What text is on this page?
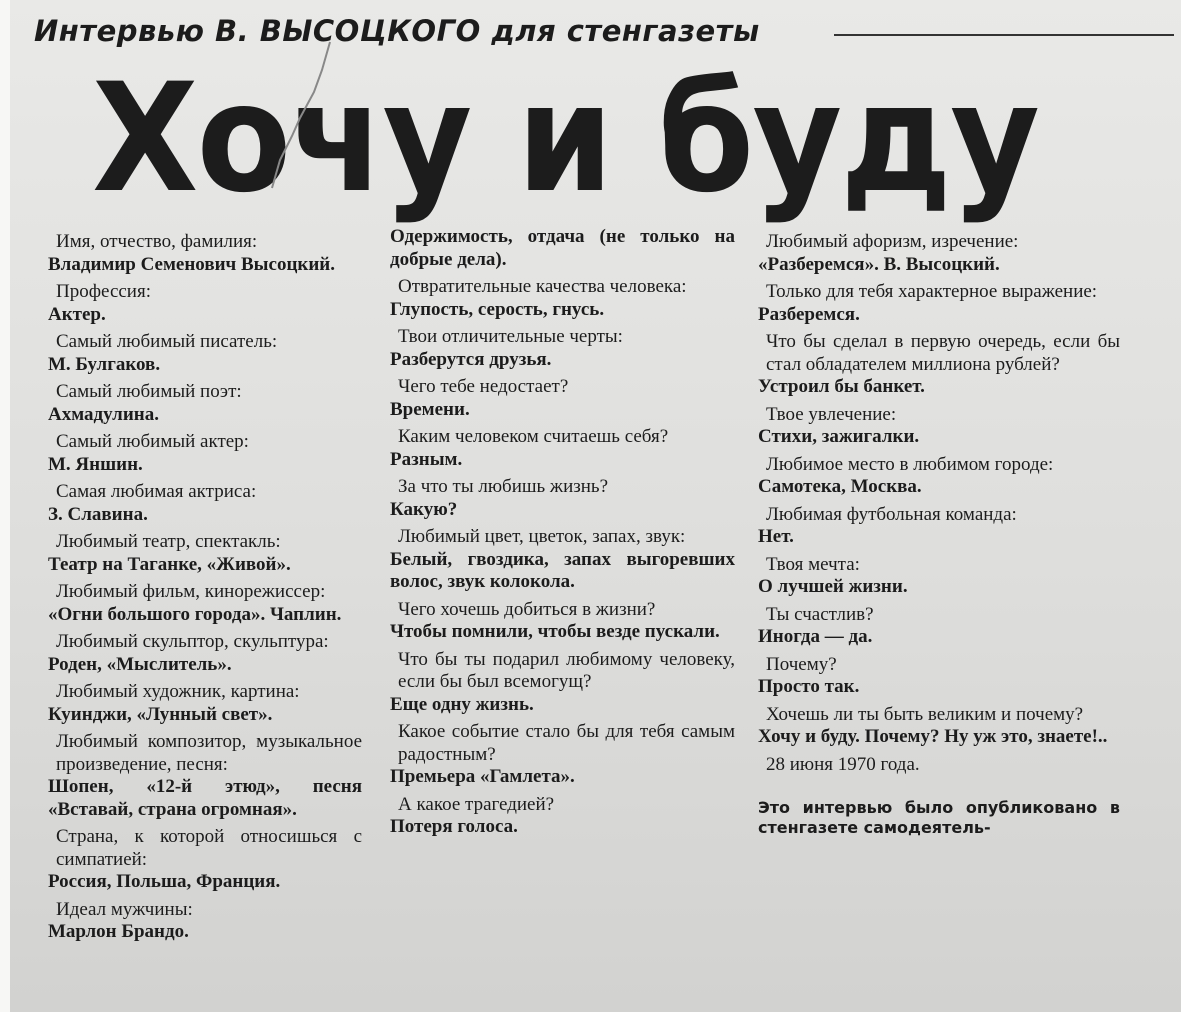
Интервью В. ВЫСОЦКОГО для стенгазеты
Хочу и буду

Имя, отчество, фамилия:

Владимир Семенович Высоцкий.

Профессия:

Актер.

Самый любимый писатель:

М. Булгаков.

Самый любимый поэт:

Ахмадулина.

Самый любимый актер:

М. Яншин.

Самая любимая актриса:

З. Славина.

Любимый театр, спектакль:

Театр на Таганке, «Живой».

Любимый фильм, кинорежиссер:

«Огни большого города». Чаплин.

Любимый скульптор, скульптура:

Роден, «Мыслитель».

Любимый художник, картина:

Куинджи, «Лунный свет».

Любимый композитор, музыкальное произведение, песня:

Шопен, «12-й этюд», песня «Вставай, страна огромная».

Страна, к которой относишься с симпатией:

Россия, Польша, Франция.

Идеал мужчины:

Марлон Брандо.

Одержимость, отдача (не только на добрые дела).

Отвратительные качества человека:

Глупость, серость, гнусь.

Твои отличительные черты:

Разберутся друзья.

Чего тебе недостает?

Времени.

Каким человеком считаешь себя?

Разным.

За что ты любишь жизнь?

Какую?

Любимый цвет, цветок, запах, звук:

Белый, гвоздика, запах выгоревших волос, звук колокола.

Чего хочешь добиться в жизни?

Чтобы помнили, чтобы везде пускали.

Что бы ты подарил любимому человеку, если бы был всемогущ?

Еще одну жизнь.

Какое событие стало бы для тебя самым радостным?

Премьера «Гамлета».

А какое трагедией?

Потеря голоса.

Любимый афоризм, изречение:

«Разберемся». В. Высоцкий.

Только для тебя характерное выражение:

Разберемся.

Что бы сделал в первую очередь, если бы стал обладателем миллиона рублей?

Устроил бы банкет.

Твое увлечение:

Стихи, зажигалки.

Любимое место в любимом городе:

Самотека, Москва.

Любимая футбольная команда:

Нет.

Твоя мечта:

О лучшей жизни.

Ты счастлив?

Иногда — да.

Почему?

Просто так.

Хочешь ли ты быть великим и почему?

Хочу и буду. Почему? Ну уж это, знаете!..

28 июня 1970 года.

Это интервью было опубликовано в стенгазете самодеятель-
